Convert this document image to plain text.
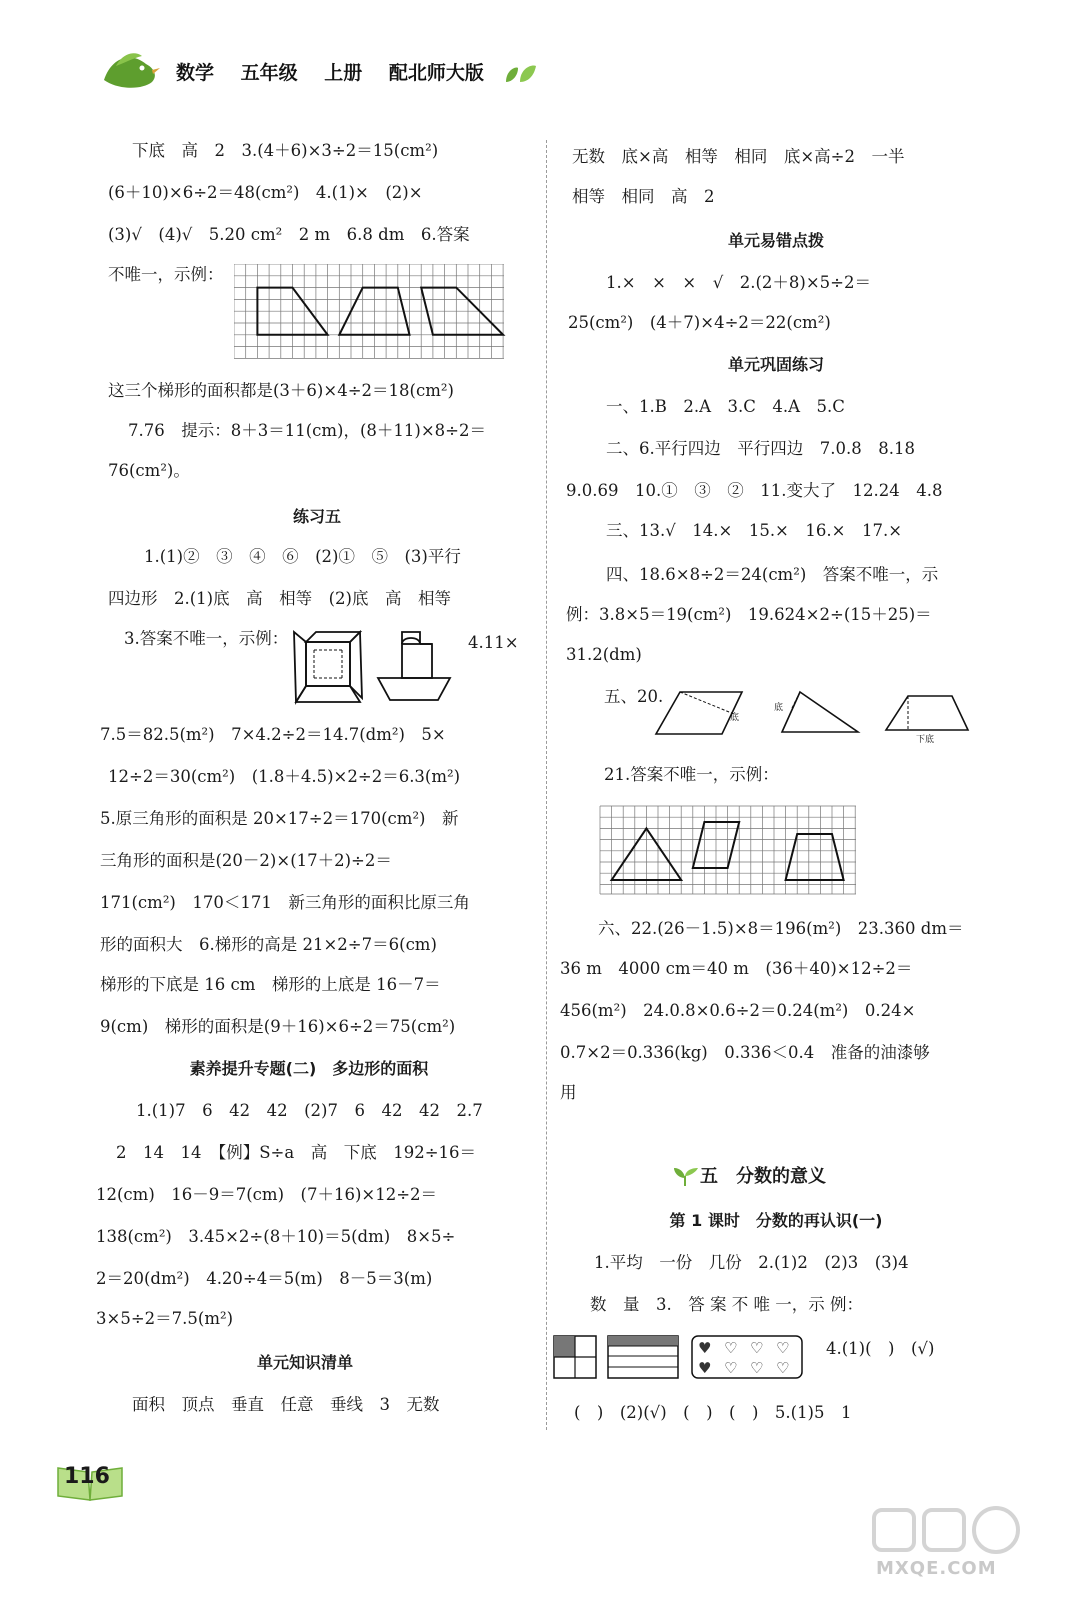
数学 五年级 上册 配北师大版
下底　高　2　3.(4＋6)×3÷2＝15(cm²)
(6＋10)×6÷2＝48(cm²)　4.(1)×　(2)×
(3)√　(4)√　5.20 cm²　2 m　6.8 dm　6.答案
不唯一，示例：
这三个梯形的面积都是(3＋6)×4÷2＝18(cm²)
7.76　提示：8＋3＝11(cm)，(8＋11)×8÷2＝
76(cm²)。
练习五
1.(1)②　③　④　⑥　(2)①　⑤　(3)平行
四边形　2.(1)底　高　相等　(2)底　高　相等
3.答案不唯一，示例：	4.11×
7.5＝82.5(m²)　7×4.2÷2＝14.7(dm²)　5×
12÷2＝30(cm²)　(1.8＋4.5)×2÷2＝6.3(m²)
5.原三角形的面积是 20×17÷2＝170(cm²)　新
三角形的面积是(20－2)×(17＋2)÷2＝
171(cm²)　170＜171　新三角形的面积比原三角
形的面积大　6.梯形的高是 21×2÷7＝6(cm)
梯形的下底是 16 cm　梯形的上底是 16－7＝
9(cm)　梯形的面积是(9＋16)×6÷2＝75(cm²)
素养提升专题(二)　多边形的面积
1.(1)7　6　42　42　(2)7　6　42　42　2.7
2　14　14　【例】S÷a　高　下底　192÷16＝
12(cm)　16－9＝7(cm)　(7＋16)×12÷2＝
138(cm²)　3.45×2÷(8＋10)＝5(dm)　8×5÷
2＝20(dm²)　4.20÷4＝5(m)　8－5＝3(m)
3×5÷2＝7.5(m²)
单元知识清单
面积　顶点　垂直　任意　垂线　3　无数
无数　底×高　相等　相同　底×高÷2　一半
相等　相同　高　2
单元易错点拨
1.×　×　×　√　2.(2＋8)×5÷2＝
25(cm²)　(4＋7)×4÷2＝22(cm²)
单元巩固练习
一、1.B　2.A　3.C　4.A　5.C
二、6.平行四边　平行四边　7.0.8　8.18
9.0.69　10.①　③　②　11.变大了　12.24　4.8
三、13.√　14.×　15.×　16.×　17.×
四、18.6×8÷2＝24(cm²)　答案不唯一，示
例：3.8×5＝19(cm²)　19.624×2÷(15＋25)＝
31.2(dm)
五、20.
底
底
下底
21.答案不唯一，示例：
六、22.(26－1.5)×8＝196(m²)　23.360 dm＝
36 m　4000 cm＝40 m　(36＋40)×12÷2＝
456(m²)　24.0.8×0.6÷2＝0.24(m²)　0.24×
0.7×2＝0.336(kg)　0.336＜0.4　准备的油漆够
用
五　分数的意义
第 1 课时　分数的再认识(一)
1.平均　一份　几份　2.(1)2　(2)3　(3)4
数　量　3.　答 案 不 唯 一，示 例：
♥ ♡ ♡ ♡
♥ ♡ ♡ ♡
4.(1)(　)　(√)
(　)　(2)(√)　(　)　(　)　5.(1)5　1
116
MXQE.COM
